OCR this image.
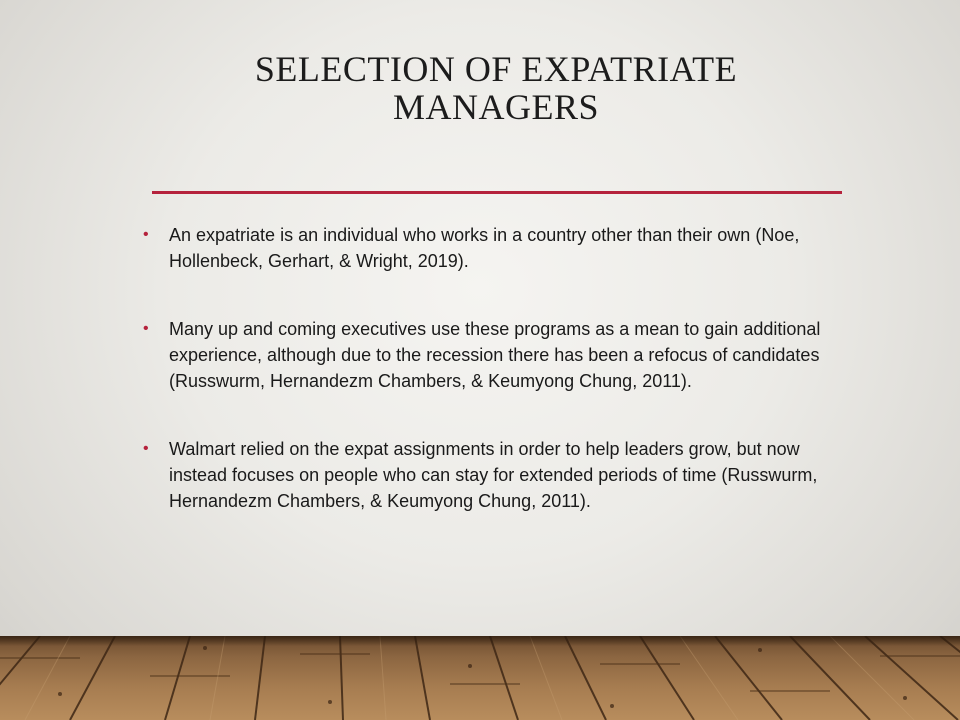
SELECTION OF EXPATRIATE
MANAGERS
• An expatriate is an individual who works in a country other than their own (Noe, Hollenbeck, Gerhart, & Wright, 2019).
• Many up and coming executives use these programs as a mean to gain additional experience, although due to the recession there has been a refocus of candidates (Russwurm, Hernandezm Chambers, & Keumyong Chung, 2011).
• Walmart relied on the expat assignments in order to help leaders grow, but now instead focuses on people who can stay for extended periods of time (Russwurm, Hernandezm Chambers, & Keumyong Chung, 2011).
